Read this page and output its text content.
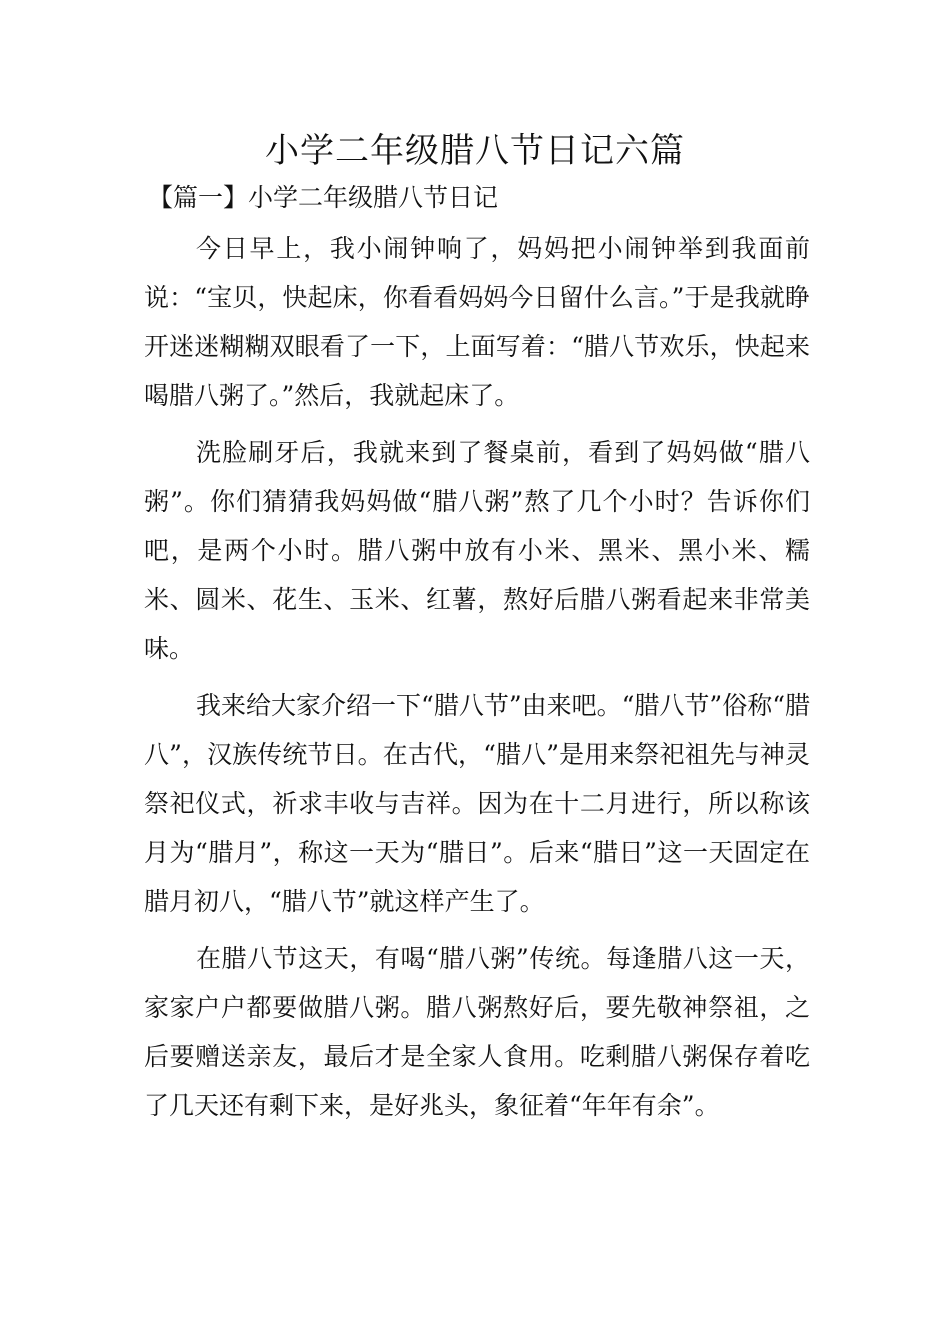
小学二年级腊八节日记六篇
【篇一】小学二年级腊八节日记

今日早上，我小闹钟响了，妈妈把小闹钟举到我面前说：“宝贝，快起床，你看看妈妈今日留什么言。”于是我就睁开迷迷糊糊双眼看了一下，上面写着：“腊八节欢乐，快起来喝腊八粥了。”然后，我就起床了。

洗脸刷牙后，我就来到了餐桌前，看到了妈妈做“腊八粥”。你们猜猜我妈妈做“腊八粥”熬了几个小时？告诉你们吧，是两个小时。腊八粥中放有小米、黑米、黑小米、糯米、圆米、花生、玉米、红薯，熬好后腊八粥看起来非常美味。

我来给大家介绍一下“腊八节”由来吧。“腊八节”俗称“腊八”，汉族传统节日。在古代，“腊八”是用来祭祀祖先与神灵祭祀仪式，祈求丰收与吉祥。因为在十二月进行，所以称该月为“腊月”，称这一天为“腊日”。后来“腊日”这一天固定在腊月初八，“腊八节”就这样产生了。

在腊八节这天，有喝“腊八粥”传统。每逢腊八这一天，家家户户都要做腊八粥。腊八粥熬好后，要先敬神祭祖，之后要赠送亲友，最后才是全家人食用。吃剩腊八粥保存着吃了几天还有剩下来，是好兆头，象征着“年年有余”。
